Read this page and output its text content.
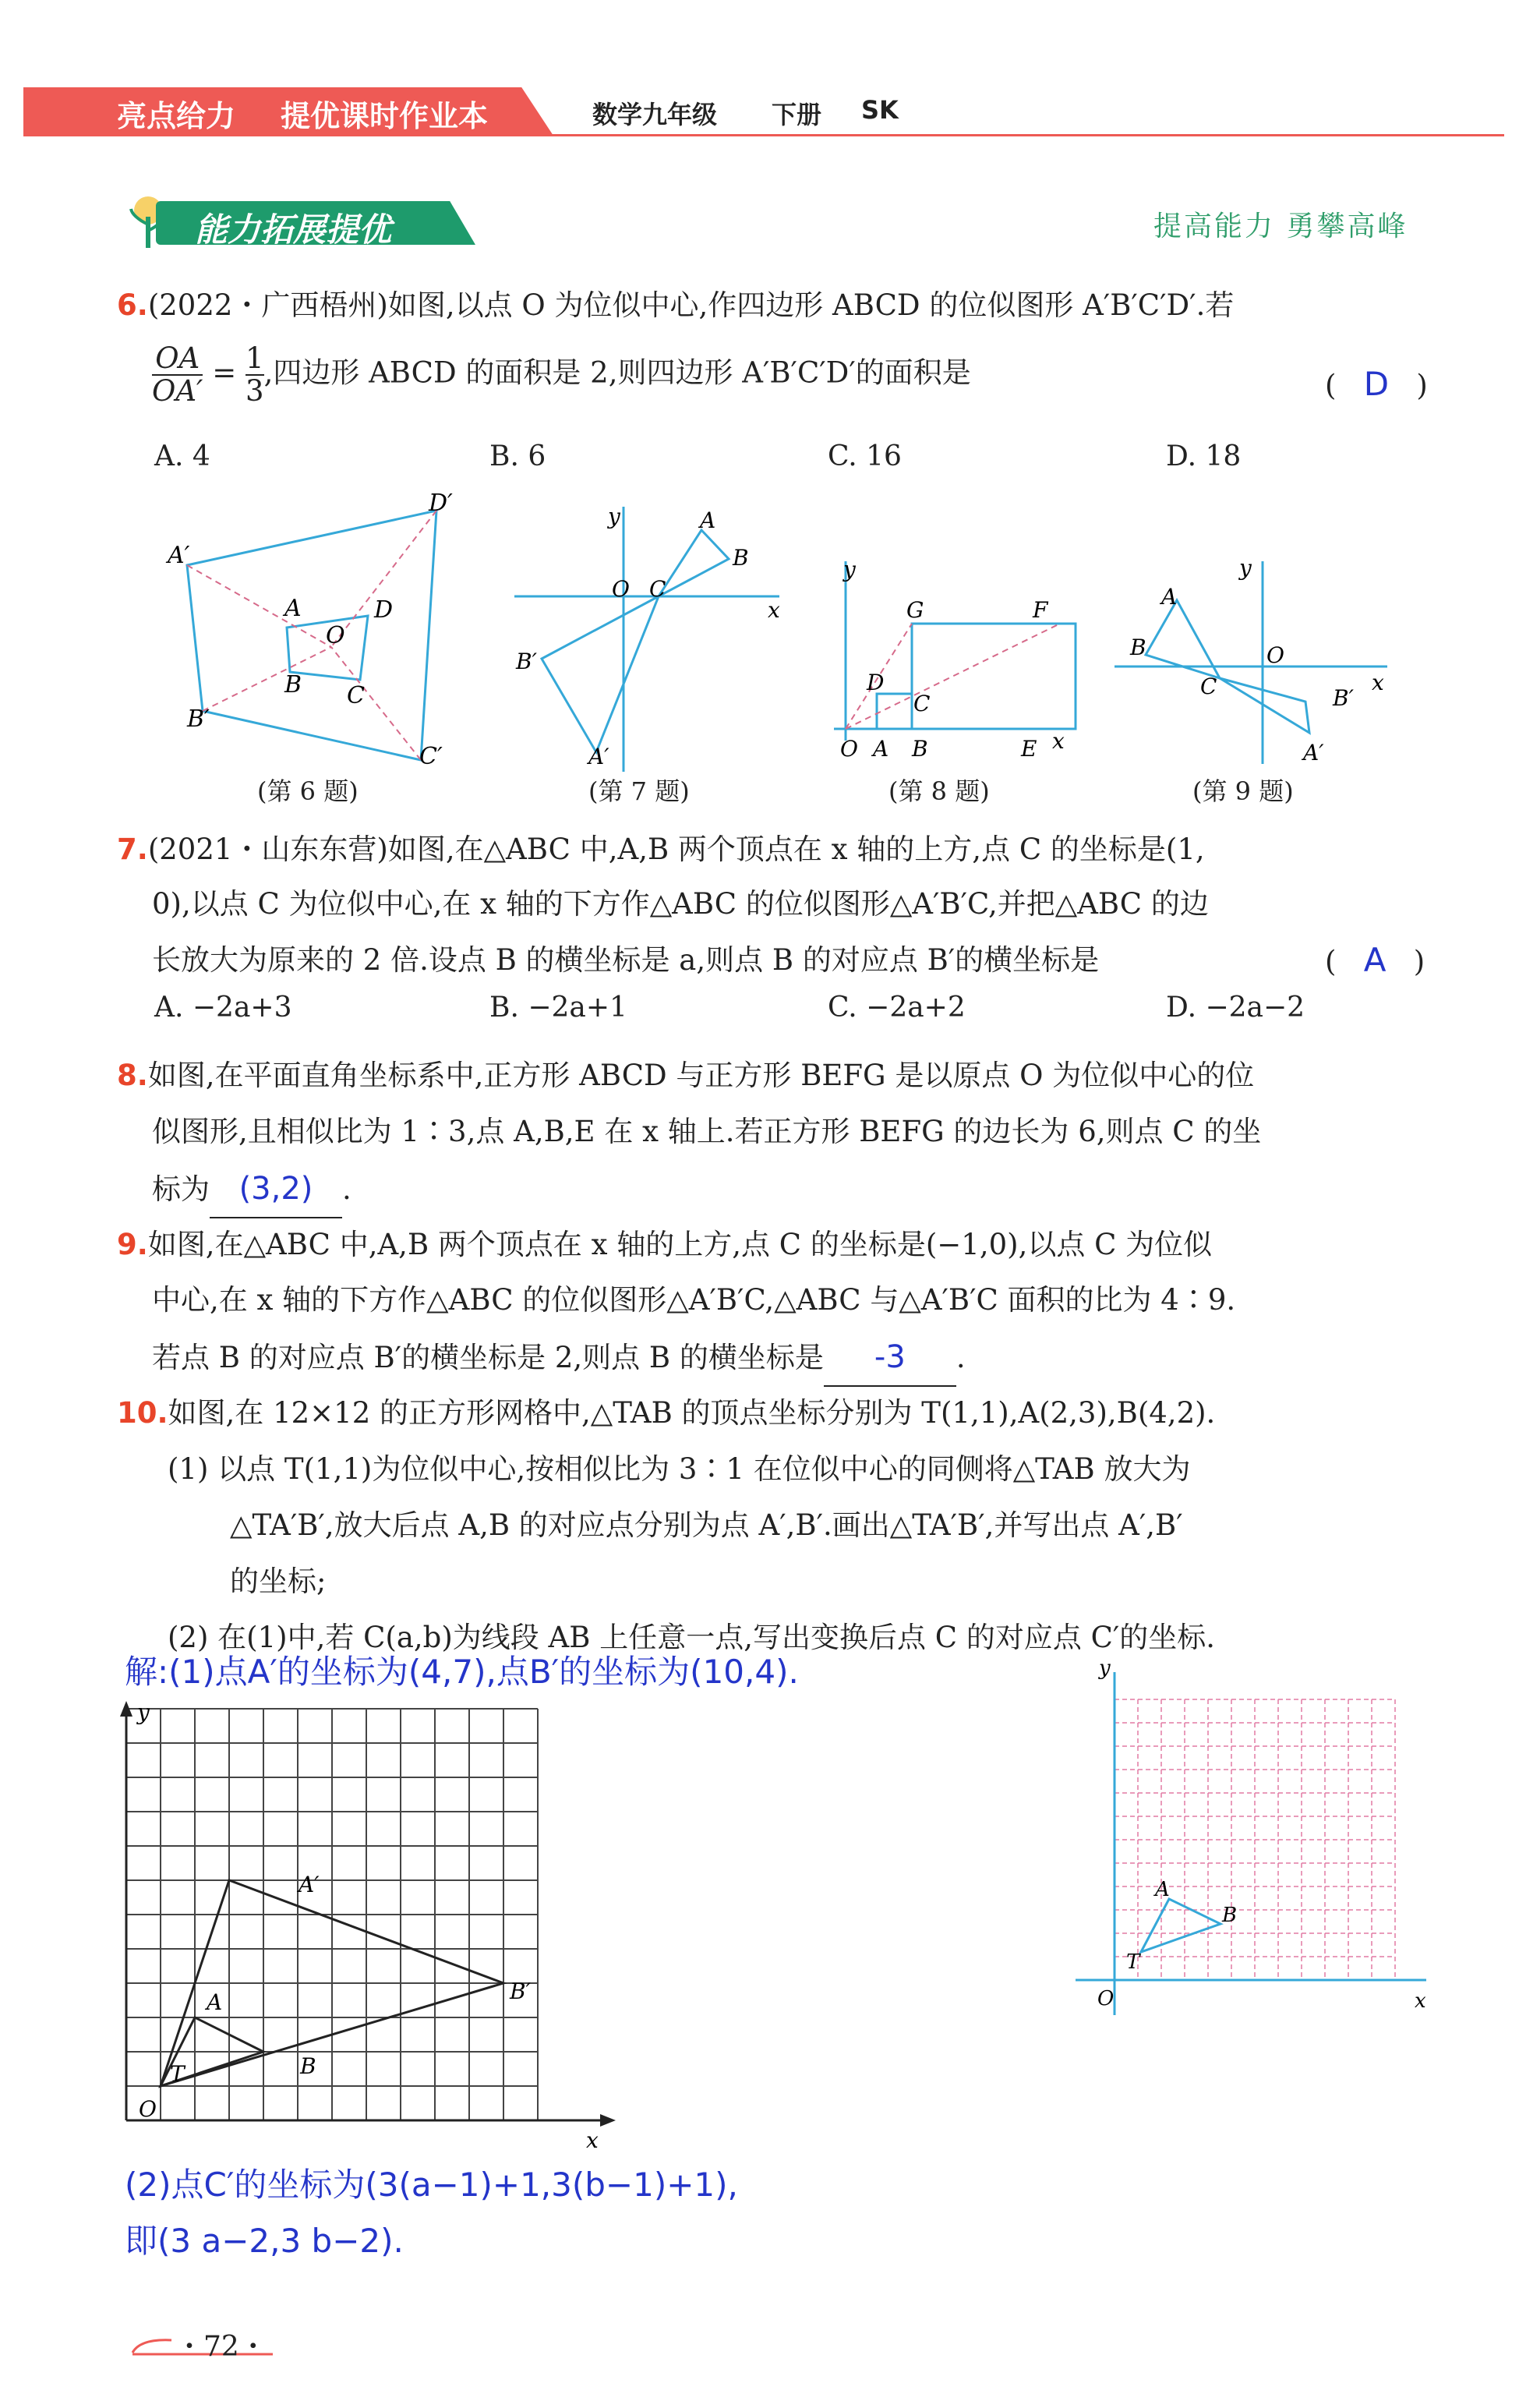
亮点给力 提优课时作业本	数学九年级 下册 SK
能力拓展提优	提高能力 勇攀高峰
6.(2022・广西梧州)如图,以点 O 为位似中心,作四边形 ABCD 的位似图形 A′B′C′D′.若
$\frac{OA}{OA'} = \frac{1}{3}$ ,四边形 ABCD 的面积是 2,则四边形 A′B′C′D′的面积是	( D )
A. 4	B. 6	C. 16	D. 18
A′
D′
B′
C′
A	D
O
B C
y
x
A
B
O C
B′
A′
y
x
G	F
D
C
O A B	E
y
x
A
B
C
O
B′
A′
(第 6 题)	(第 7 题)	(第 8 题)	(第 9 题)
7.(2021・山东东营)如图,在△ABC 中,A,B 两个顶点在 x 轴的上方,点 C 的坐标是(1,
0),以点 C 为位似中心,在 x 轴的下方作△ABC 的位似图形△A′B′C,并把△ABC 的边
长放大为原来的 2 倍.设点 B 的横坐标是 a,则点 B 的对应点 B′的横坐标是	( A )
A. −2a+3	B. −2a+1	C. −2a+2	D. −2a−2
8.如图,在平面直角坐标系中,正方形 ABCD 与正方形 BEFG 是以原点 O 为位似中心的位
似图形,且相似比为 1∶3,点 A,B,E 在 x 轴上.若正方形 BEFG 的边长为 6,则点 C 的坐
标为 (3,2) .
9.如图,在△ABC 中,A,B 两个顶点在 x 轴的上方,点 C 的坐标是(−1,0),以点 C 为位似
中心,在 x 轴的下方作△ABC 的位似图形△A′B′C,△ABC 与△A′B′C 面积的比为 4∶9.
若点 B 的对应点 B′的横坐标是 2,则点 B 的横坐标是 -3 .
10.如图,在 12×12 的正方形网格中,△TAB 的顶点坐标分别为 T(1,1),A(2,3),B(4,2).
(1) 以点 T(1,1)为位似中心,按相似比为 3∶1 在位似中心的同侧将△TAB 放大为
△TA′B′,放大后点 A,B 的对应点分别为点 A′,B′.画出△TA′B′,并写出点 A′,B′
的坐标;
(2) 在(1)中,若 C(a,b)为线段 AB 上任意一点,写出变换后点 C 的对应点 C′的坐标.
解:(1)点A′的坐标为(4,7),点B′的坐标为(10,4).
y
x
O
T
A
B
A′
B′
y
x
O
T
A
B
(2)点C′的坐标为(3(a−1)+1,3(b−1)+1),
即(3 a−2,3 b−2).
・72・
